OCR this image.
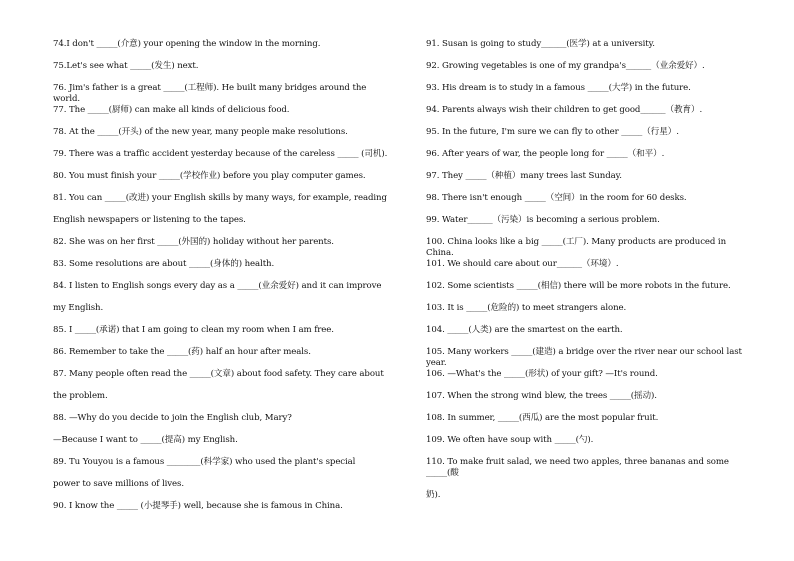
74.I don't _____(介意) your opening the window in the morning.

75.Let's see what _____(发生) next.

76. Jim's father is a great _____(工程师). He built many bridges around the world.

77. The _____(厨师) can make all kinds of delicious food.

78. At the _____(开头) of the new year, many people make resolutions.

79. There was a traffic accident yesterday because of the careless _____ (司机).

80. You must finish your _____(学校作业) before you play computer games.

81. You can _____(改进) your English skills by many ways, for example, reading
English newspapers or listening to the tapes.

82. She was on her first _____(外国的) holiday without her parents.

83. Some resolutions are about _____(身体的) health.

84. I listen to English songs every day as a _____(业余爱好) and it can improve
my English.

85. I _____(承诺) that I am going to clean my room when I am free.

86. Remember to take the _____(药) half an hour after meals.

87. Many people often read the _____(文章) about food safety. They care about
the problem.

88. —Why do you decide to join the English club, Mary?
—Because I want to _____(提高) my English.

89. Tu Youyou is a famous ________(科学家) who used the plant's special
power to save millions of lives.

90. I know the _____ (小提琴手) well, because she is famous in China.

91. Susan is going to study______(医学) at a university.

92. Growing vegetables is one of my grandpa's______（业余爱好）.

93. His dream is to study in a famous _____(大学) in the future.

94. Parents always wish their children to get good______（教育）.

95. In the future, I'm sure we can fly to other _____（行星）.

96. After years of war, the people long for _____（和平）.

97. They _____（种植）many trees last Sunday.

98. There isn't enough _____（空间）in the room for 60 desks.

99. Water______（污染）is becoming a serious problem.

100. China looks like a big _____(工厂). Many products are produced in China.

101. We should care about our______（环境）.

102. Some scientists _____(相信) there will be more robots in the future.

103. It is _____(危险的) to meet strangers alone.

104. _____(人类) are the smartest on the earth.

105. Many workers _____(建造) a bridge over the river near our school last year.

106. —What's the _____(形状) of your gift? —It's round.

107. When the strong wind blew, the trees _____(摇动).

108. In summer, _____(西瓜) are the most popular fruit.

109. We often have soup with _____(勺).

110. To make fruit salad, we need two apples, three bananas and some _____(酸
奶).
